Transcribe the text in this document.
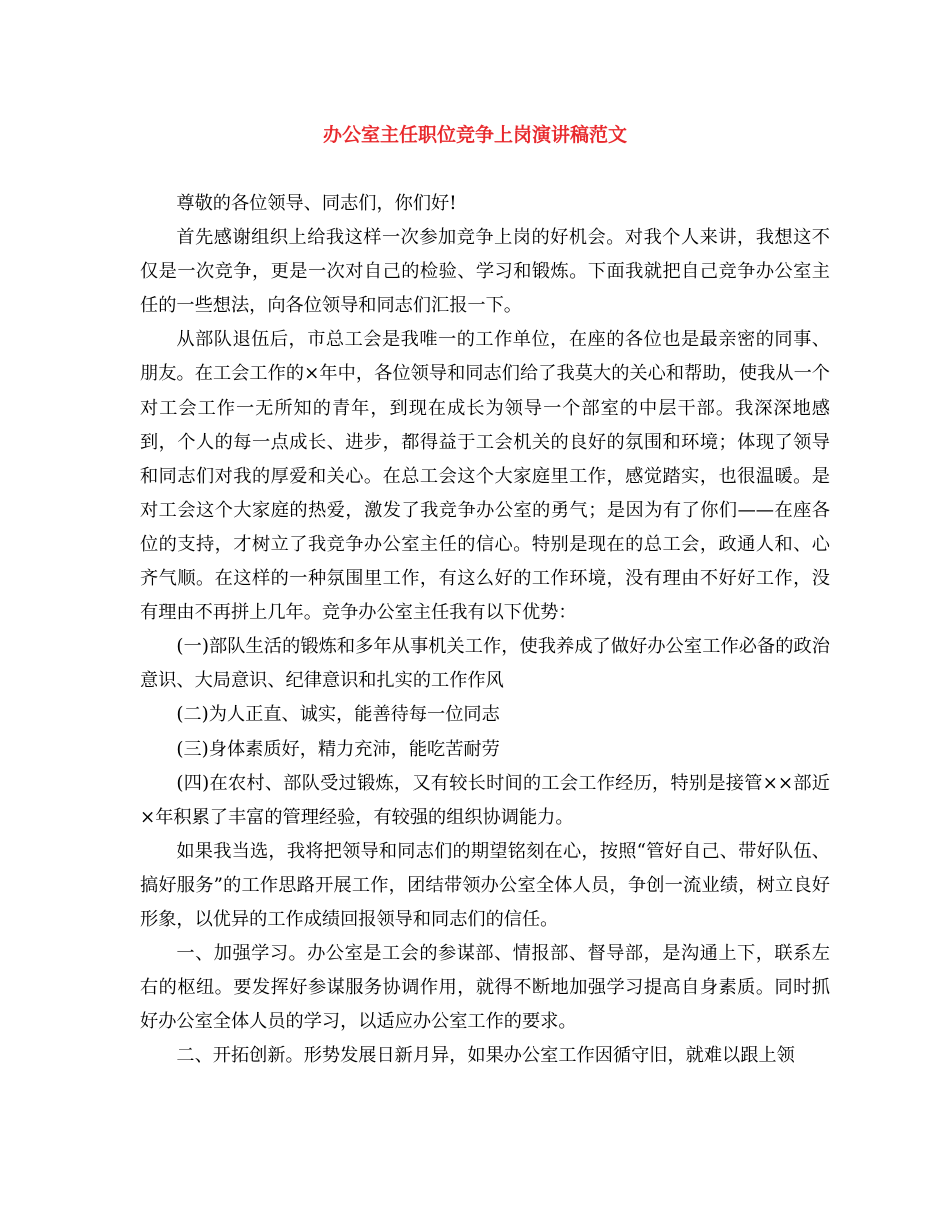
办公室主任职位竞争上岗演讲稿范文

尊敬的各位领导、同志们，你们好!

首先感谢组织上给我这样一次参加竞争上岗的好机会。对我个人来讲，我想这不仅是一次竞争，更是一次对自己的检验、学习和锻炼。下面我就把自己竞争办公室主任的一些想法，向各位领导和同志们汇报一下。

从部队退伍后，市总工会是我唯一的工作单位，在座的各位也是最亲密的同事、朋友。在工会工作的×年中，各位领导和同志们给了我莫大的关心和帮助，使我从一个对工会工作一无所知的青年，到现在成长为领导一个部室的中层干部。我深深地感到，个人的每一点成长、进步，都得益于工会机关的良好的氛围和环境；体现了领导和同志们对我的厚爱和关心。在总工会这个大家庭里工作，感觉踏实，也很温暖。是对工会这个大家庭的热爱，激发了我竞争办公室的勇气；是因为有了你们——在座各位的支持，才树立了我竞争办公室主任的信心。特别是现在的总工会，政通人和、心齐气顺。在这样的一种氛围里工作，有这么好的工作环境，没有理由不好好工作，没有理由不再拼上几年。竞争办公室主任我有以下优势：

(一)部队生活的锻炼和多年从事机关工作，使我养成了做好办公室工作必备的政治意识、大局意识、纪律意识和扎实的工作作风

(二)为人正直、诚实，能善待每一位同志

(三)身体素质好，精力充沛，能吃苦耐劳

(四)在农村、部队受过锻炼，又有较长时间的工会工作经历，特别是接管××部近×年积累了丰富的管理经验，有较强的组织协调能力。

如果我当选，我将把领导和同志们的期望铭刻在心，按照“管好自己、带好队伍、搞好服务”的工作思路开展工作，团结带领办公室全体人员，争创一流业绩，树立良好形象，以优异的工作成绩回报领导和同志们的信任。

一、加强学习。办公室是工会的参谋部、情报部、督导部，是沟通上下，联系左右的枢纽。要发挥好参谋服务协调作用，就得不断地加强学习提高自身素质。同时抓好办公室全体人员的学习，以适应办公室工作的要求。

二、开拓创新。形势发展日新月异，如果办公室工作因循守旧，就难以跟上领
